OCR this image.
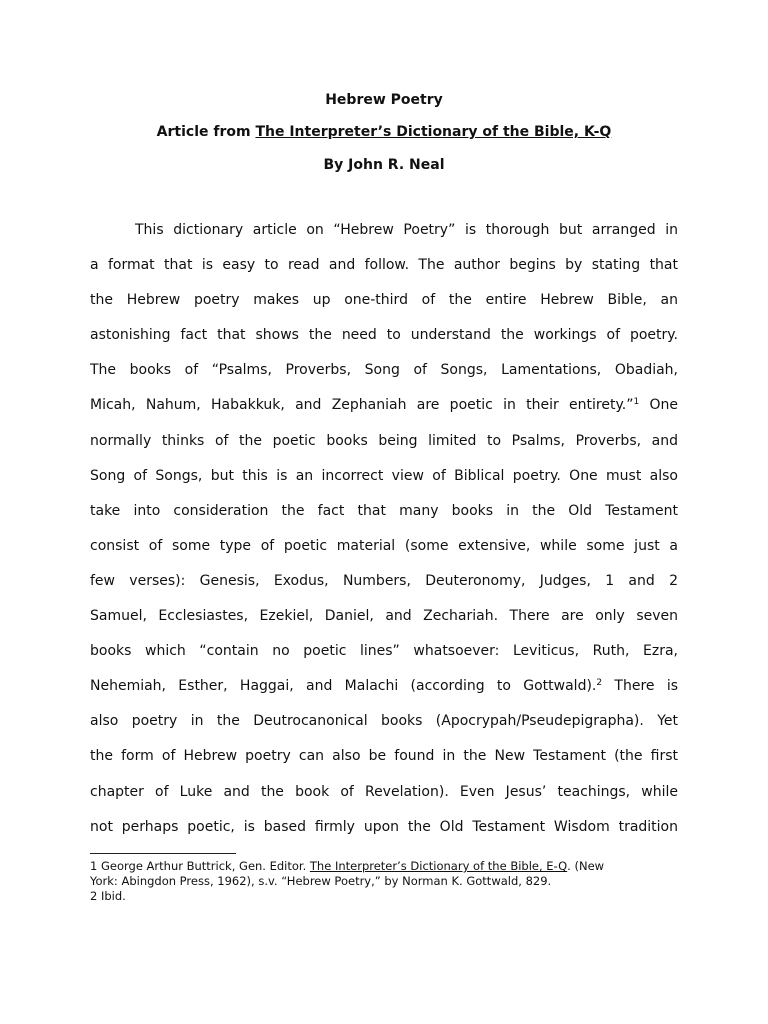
Hebrew Poetry

Article from The Interpreter’s Dictionary of the Bible, K-Q

By John R. Neal

This dictionary article on “Hebrew Poetry” is thorough but arranged in
a format that is easy to read and follow. The author begins by stating that
the Hebrew poetry makes up one-third of the entire Hebrew Bible, an
astonishing fact that shows the need to understand the workings of poetry.
The books of “Psalms, Proverbs, Song of Songs, Lamentations, Obadiah,
Micah, Nahum, Habakkuk, and Zephaniah are poetic in their entirety.”$^1$ One
normally thinks of the poetic books being limited to Psalms, Proverbs, and
Song of Songs, but this is an incorrect view of Biblical poetry. One must also
take into consideration the fact that many books in the Old Testament
consist of some type of poetic material (some extensive, while some just a
few verses): Genesis, Exodus, Numbers, Deuteronomy, Judges, 1 and 2
Samuel, Ecclesiastes, Ezekiel, Daniel, and Zechariah. There are only seven
books which “contain no poetic lines” whatsoever: Leviticus, Ruth, Ezra,
Nehemiah, Esther, Haggai, and Malachi (according to Gottwald).$^2$ There is
also poetry in the Deutrocanonical books (Apocrypah/Pseudepigrapha). Yet
the form of Hebrew poetry can also be found in the New Testament (the first
chapter of Luke and the book of Revelation). Even Jesus’ teachings, while
not perhaps poetic, is based firmly upon the Old Testament Wisdom tradition
1 George Arthur Buttrick, Gen. Editor. The Interpreter’s Dictionary of the Bible, E-Q. (New
York: Abingdon Press, 1962), s.v. “Hebrew Poetry,” by Norman K. Gottwald, 829.
2 Ibid.
